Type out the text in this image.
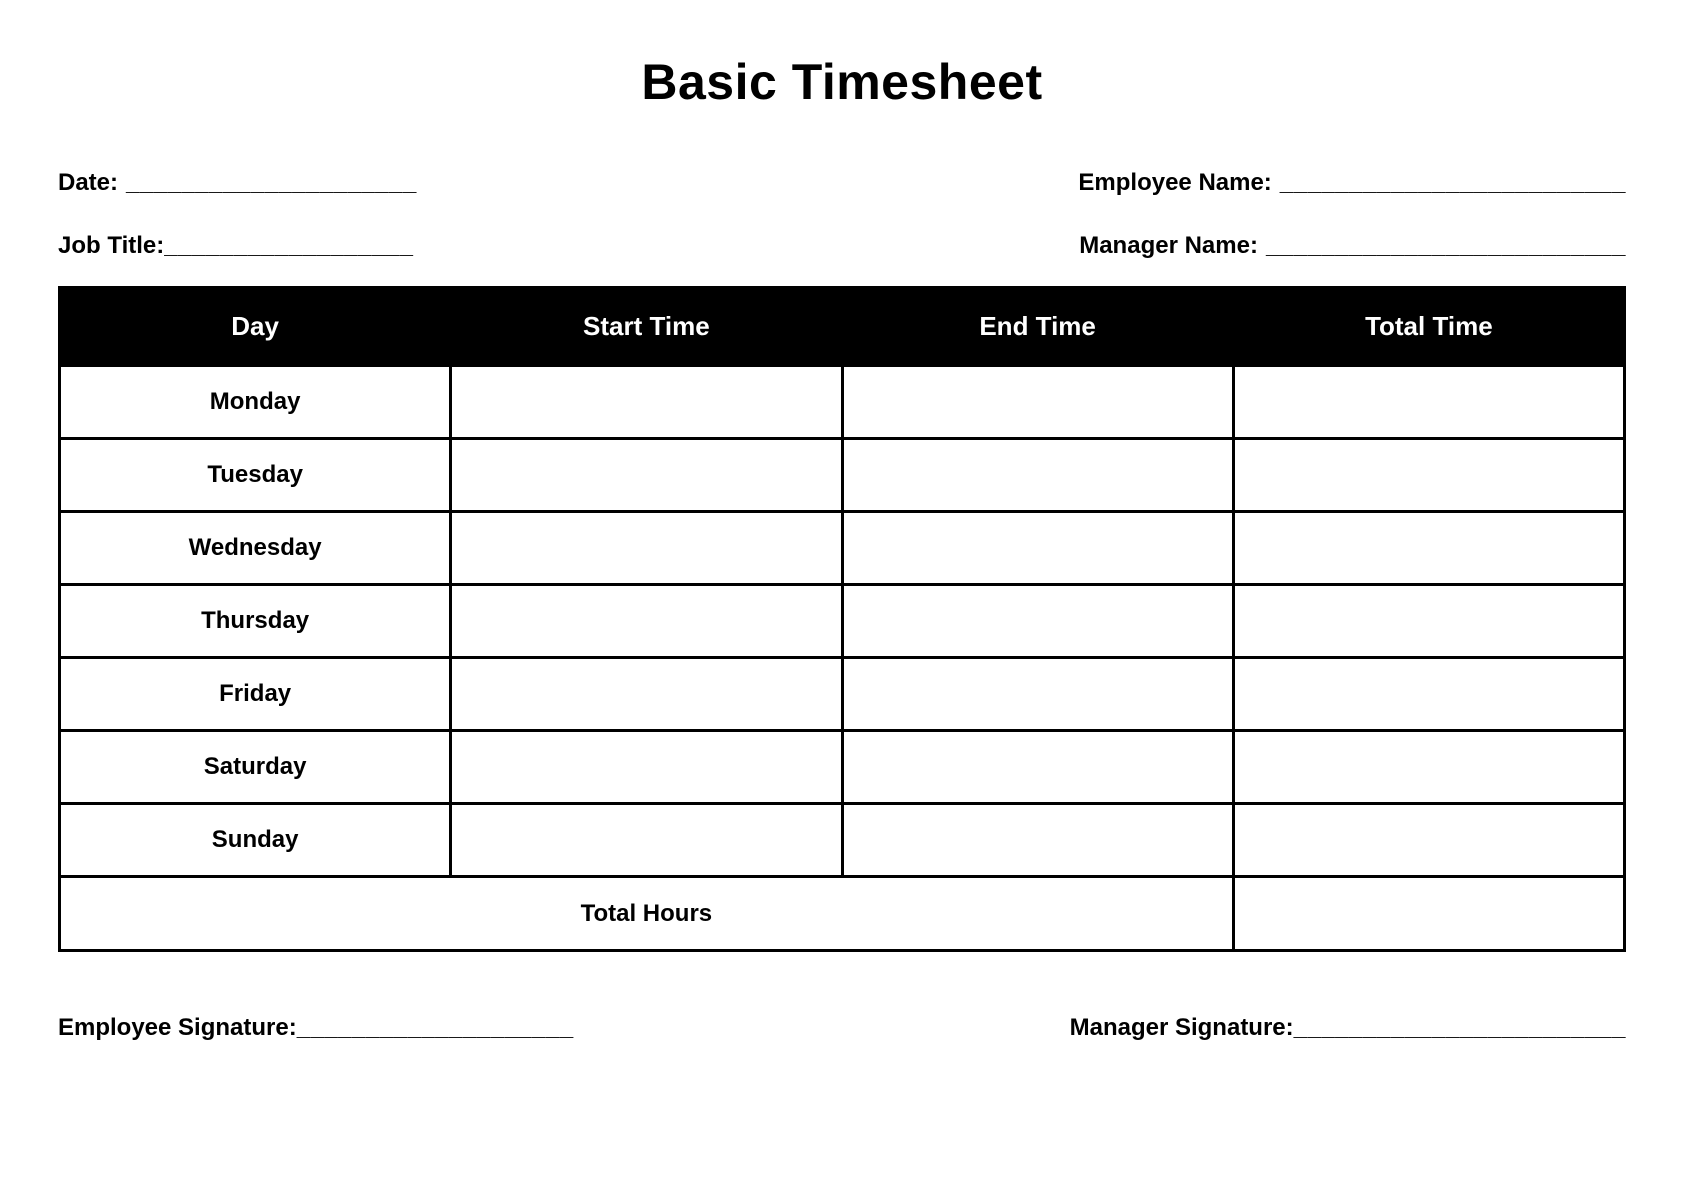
Basic Timesheet
Date: _____________________	Employee Name: _________________________
Job Title:__________________	Manager Name: __________________________
Day	Start Time	End Time	Total Time
Monday			
Tuesday			
Wednesday			
Thursday			
Friday			
Saturday			
Sunday			
Total Hours			
Employee Signature:____________________	Manager Signature:________________________
